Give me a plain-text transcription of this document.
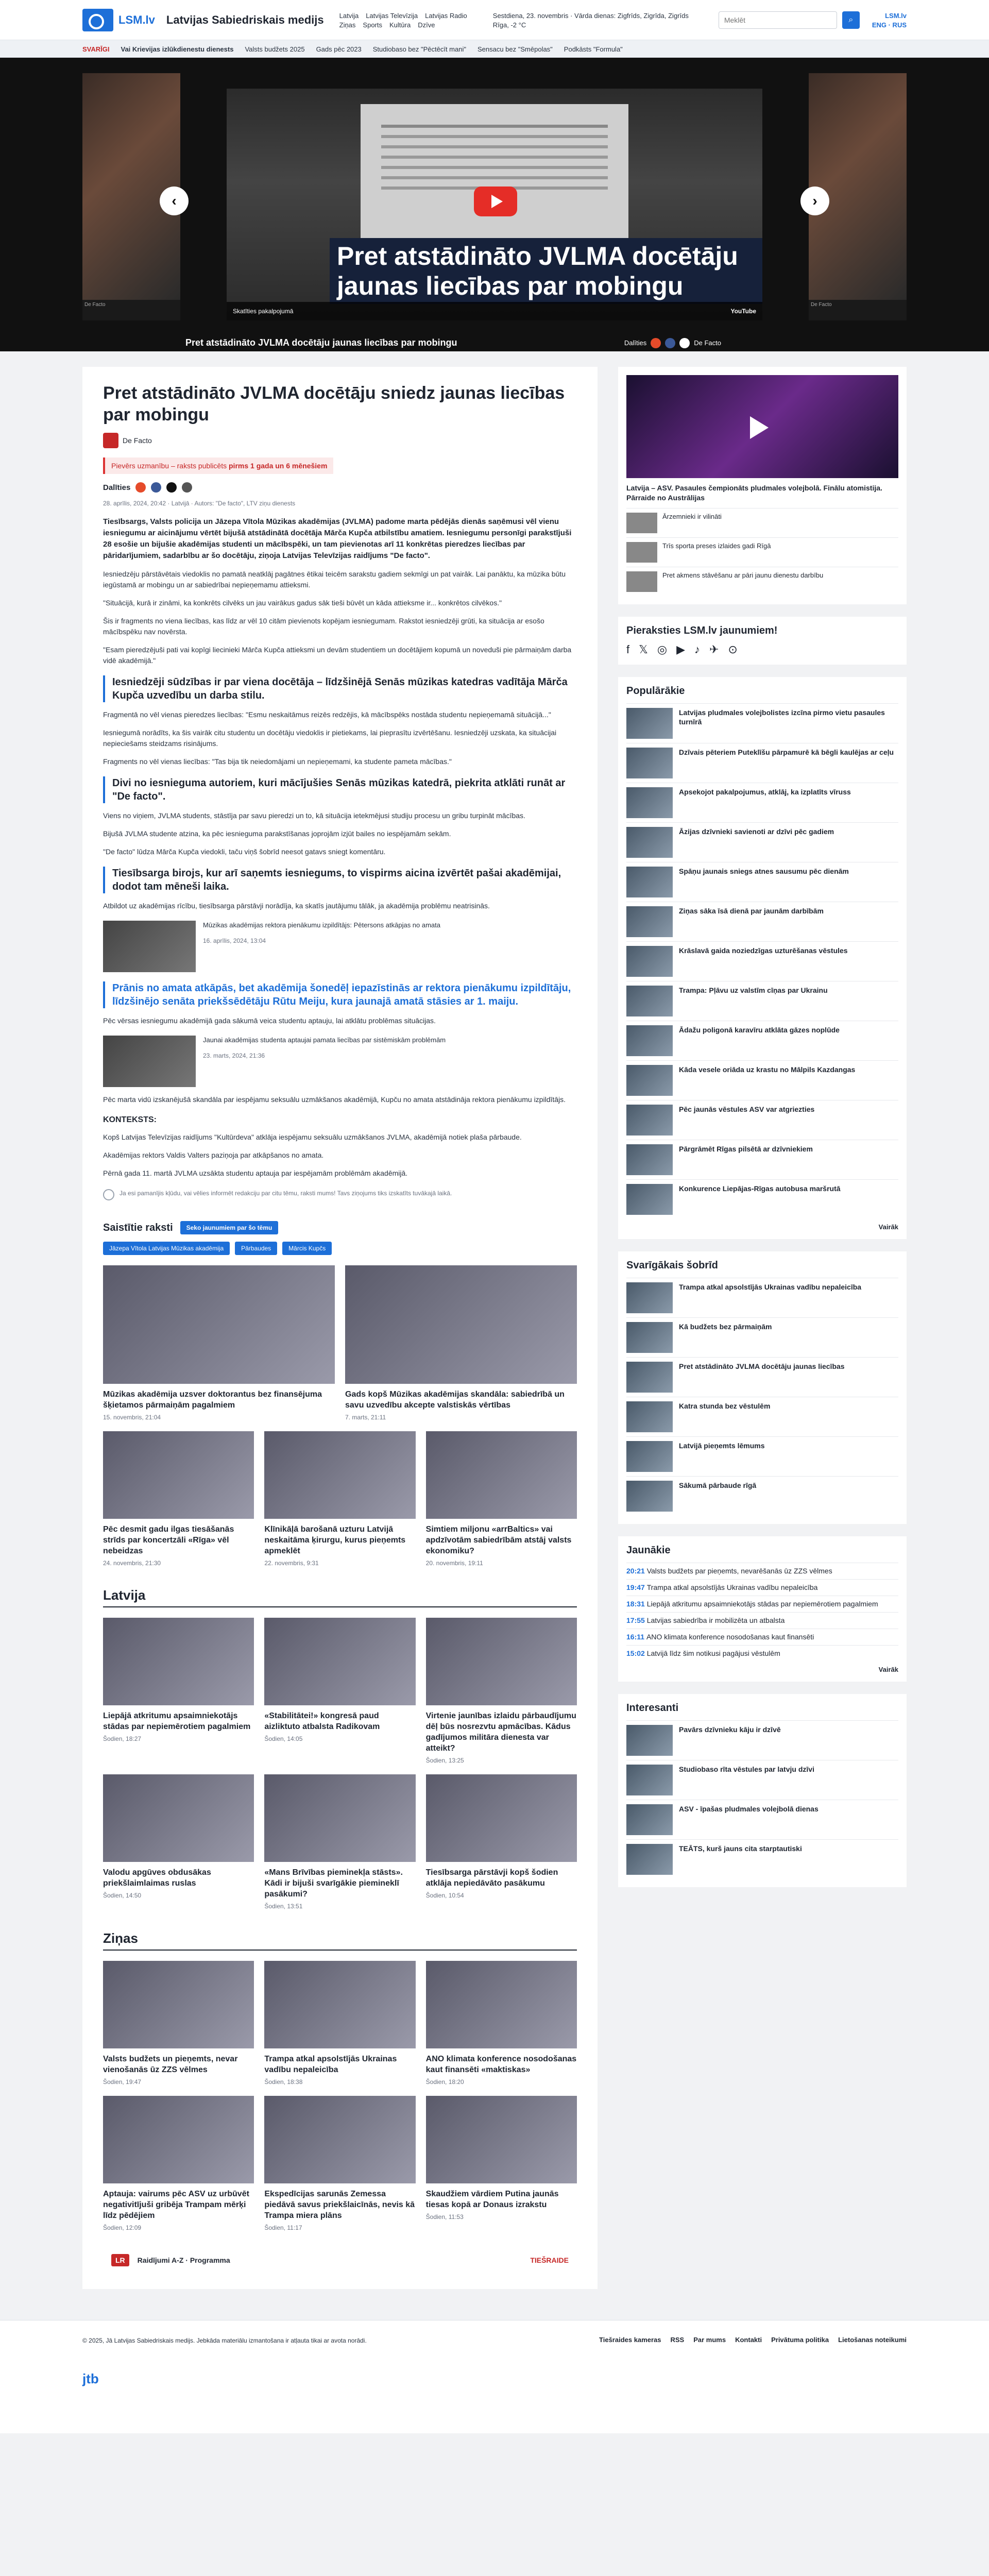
LSM.lv Latvijas Sabiedriskais medijs Latvija Latvijas Televīzija Latvijas Radio
Ziņas Sports Kultūra Dzīve
Sestdiena, 23. novembris · Vārda dienas: Zigfrīds, Zigrīda, Zigrīds
Rīga, -2 °C
Meklēt
⌕	LSM.lv
ENG · RUS
SVARĪGI Vai Krievijas izlūkdienestu dienests Valsts budžets 2025 Gads pēc 2023 Studiobaso bez "Pēctēcīt mani" Sensacu bez "Smēpolas" Podkāsts "Formula"
De Facto
Pret atstādināto JVLMA docētāju jaunas liecības par mobingu
Skatīties pakalpojumā	YouTube
De Facto
‹	›
Pret atstādināto JVLMA docētāju jaunas liecības par mobingu	Dalīties	De Facto
Pret atstādināto JVLMA docētāju sniedz jaunas liecības par mobingu
De Facto
Pievērs uzmanību – raksts publicēts pirms 1 gada un 6 mēnešiem
Dalīties
28. aprīlis, 2024, 20:42 · Latvijā · Autors: "De facto", LTV ziņu dienests
Tiesībsargs, Valsts policija un Jāzepa Vītola Mūzikas akadēmijas (JVLMA) padome marta pēdējās dienās saņēmusi vēl vienu iesniegumu ar aicinājumu vērtēt bijušā atstādinātā docētāja Mārča Kupča atbilstību amatiem. Iesniegumu personīgi parakstījuši 28 esošie un bijušie akadēmijas studenti un mācībspēki, un tam pievienotas arī 11 konkrētas pieredzes liecības par pāridarījumiem, sadarbību ar šo docētāju, ziņoja Latvijas Televīzijas raidījums "De facto".
Iesniedzēju pārstāvētais viedoklis no pamatā neatklāj pagātnes ētikai teicēm sarakstu gadiem sekmīgi un pat vairāk. Lai panāktu, ka mūzika būtu iegūstamā ar mobingu un ar sabiedrībai nepieņemamu attieksmi.
"Situācijā, kurā ir zināmi, ka konkrēts cilvēks un jau vairākus gadus sāk tieši būvēt un kāda attieksme ir... konkrētos cilvēkos."
Šis ir fragments no viena liecības, kas līdz ar vēl 10 citām pievienots kopējam iesniegumam. Rakstot iesniedzēji grūti, ka situācija ar esošo mācībspēku nav novērsta.
"Esam pieredzējuši pati vai kopīgi liecinieki Mārča Kupča attieksmi un devām studentiem un docētājiem kopumā un noveduši pie pārmaiņām darba vidē akadēmijā."
Iesniedzēji sūdzības ir par viena docētāja – līdzšinējā Senās mūzikas katedras vadītāja Mārča Kupča uzvedību un darba stilu.
Fragmentā no vēl vienas pieredzes liecības: "Esmu neskaitāmus reizēs redzējis, kā mācībspēks nostāda studentu nepieņemamā situācijā..."
Iesniegumā norādīts, ka šis vairāk citu studentu un docētāju viedoklis ir pietiekams, lai pieprasītu izvērtēšanu. Iesniedzēji uzskata, ka situācijai nepieciešams steidzams risinājums.
Fragments no vēl vienas liecības: "Tas bija tik neiedomājami un nepieņemami, ka studente pameta mācības."
Divi no iesnieguma autoriem, kuri mācījušies Senās mūzikas katedrā, piekrita atklāti runāt ar "De facto".
Viens no viņiem, JVLMA students, stāstīja par savu pieredzi un to, kā situācija ietekmējusi studiju procesu un gribu turpināt mācības.
Bijušā JVLMA studente atzina, ka pēc iesnieguma parakstīšanas joprojām izjūt bailes no iespējamām sekām.
"De facto" lūdza Mārča Kupča viedokli, taču viņš šobrīd neesot gatavs sniegt komentāru.
Tiesībsarga birojs, kur arī saņemts iesniegums, to vispirms aicina izvērtēt pašai akadēmijai, dodot tam mēneši laika.
Atbildot uz akadēmijas rīcību, tiesībsarga pārstāvji norādīja, ka skatīs jautājumu tālāk, ja akadēmija problēmu neatrisinās.
Mūzikas akadēmijas rektora pienākumu izpildītājs: Pētersons atkāpjas no amata
16. aprīlis, 2024, 13:04
Prānis no amata atkāpās, bet akadēmija šonedēļ iepazīstinās ar rektora pienākumu izpildītāju, līdzšinējo senāta priekšsēdētāju Rūtu Meiju, kura jaunajā amatā stāsies ar 1. maiju.
Pēc vērsas iesniegumu akadēmijā gada sākumā veica studentu aptauju, lai atklātu problēmas situācijas.
Jaunai akadēmijas studenta aptaujai pamata liecības par sistēmiskām problēmām
23. marts, 2024, 21:36
Pēc marta vidū izskanējušā skandāla par iespējamu seksuālu uzmākšanos akadēmijā, Kupču no amata atstādināja rektora pienākumu izpildītājs.
KONTEKSTS:
Kopš Latvijas Televīzijas raidījums "Kultūrdeva" atklāja iespējamu seksuālu uzmākšanos JVLMA, akadēmijā notiek plaša pārbaude.
Akadēmijas rektors Valdis Valters paziņoja par atkāpšanos no amata.
Pērnā gada 11. martā JVLMA uzsākta studentu aptauja par iespējamām problēmām akadēmijā.
Ja esi pamanījis kļūdu, vai vēlies informēt redakciju par citu tēmu, raksti mums! Tavs ziņojums tiks izskatīts tuvākajā laikā.
Saistītie raksti	Seko jaunumiem par šo tēmu
Jāzepa Vītola Latvijas Mūzikas akadēmija	Pārbaudes	Mārcis Kupčs
Mūzikas akadēmija uzsver doktorantus bez finansējuma šķietamos pārmaiņām pagalmiem
15. novembris, 21:04
Gads kopš Mūzikas akadēmijas skandāla: sabiedrībā un savu uzvedību akcepte valstiskās vērtības
7. marts, 21:11
Pēc desmit gadu ilgas tiesāšanās strīds par koncertzāli «Rīga» vēl nebeidzas
24. novembris, 21:30
Klīnikāļā barošanā uzturu Latvijā neskaitāma ķirurgu, kurus pieņemts apmeklēt
22. novembris, 9:31
Simtiem miljonu «arrBaltics» vai apdzīvotām sabiedrībām atstāj valsts ekonomiku?
20. novembris, 19:11
Latvija
Liepājā atkritumu apsaimniekotājs stādas par nepiemērotiem pagalmiem
Šodien, 18:27
«Stabilitātei!» kongresā paud aizliktuto atbalsta Radikovam
Šodien, 14:05
Virtenie jaunības izlaidu pārbaudījumu dēļ būs nosrezvtu apmācības. Kādus gadījumos militāra dienesta var atteikt?
Šodien, 13:25
Valodu apgūves obdusākas priekšlaimlaimas ruslas
Šodien, 14:50
«Mans Brīvības pieminekļa stāsts». Kādi ir bijuši svarīgākie piemineklī pasākumi?
Šodien, 13:51
Tiesībsarga pārstāvji kopš šodien atklāja nepiedāvāto pasākumu
Šodien, 10:54
Ziņas
Valsts budžets un pieņemts, nevar vienošanās ūz ZZS vēlmes
Šodien, 19:47
Trampa atkal apsolstījās Ukrainas vadību nepaleicība
Šodien, 18:38
ANO klimata konference nosodošanas kaut finansēti «maktiskas»
Šodien, 18:20
Aptauja: vairums pēc ASV uz urbūvēt negativitījuši gribēja Trampam mērķi līdz pēdējiem
Šodien, 12:09
Ekspedīcijas sarunās Zemessa piedāvā savus priekšlaicīnās, nevis kā Trampa miera plāns
Šodien, 11:17
Skaudžiem vārdiem Putina jaunās tiesas kopā ar Donaus izrakstu
Šodien, 11:53
LR	Raidījumi A-Z · Programma	TIEŠRAIDE
Latvija – ASV. Pasaules čempionāts pludmales volejbolā. Finālu atomistija. Pārraide no Austrālijas
Ārzemnieki ir vilināti
Trīs sporta preses izlaides gadi Rīgā
Pret akmens stāvēšanu ar pāri jaunu dienestu darbību
Pieraksties LSM.lv jaunumiem!
f 𝕏 ◎ ▶ ♪ ✈ ⊙
Populārākie
Latvijas pludmales volejbolistes izcīna pirmo vietu pasaules turnīrā
Dzīvais pēteriem Puteklīšu pārpamurē kā bēgli kaulējas ar ceļu
Apsekojot pakalpojumus, atklāj, ka izplatīts vīruss
Āzijas dzīvnieki savienoti ar dzīvi pēc gadiem
Spāņu jaunais sniegs atnes sausumu pēc dienām
Ziņas sāka īsā dienā par jaunām darbībām
Krāslavā gaida noziedzīgas uzturēšanas vēstules
Trampa: Pļāvu uz valstīm cīņas par Ukrainu
Ādažu poligonā karavīru atklāta gāzes noplūde
Kāda vesele oriāda uz krastu no Mālpils Kazdangas
Pēc jaunās vēstules ASV var atgriezties
Pārgrāmēt Rīgas pilsētā ar dzīvniekiem
Konkurence Liepājas-Rīgas autobusa maršrutā
Vairāk
Svarīgākais šobrīd
Trampa atkal apsolstījās Ukrainas vadību nepaleicība
Kā budžets bez pārmaiņām
Pret atstādināto JVLMA docētāju jaunas liecības
Katra stunda bez vēstulēm
Latvijā pieņemts lēmums
Sākumā pārbaude rīgā
Jaunākie
20:21 Valsts budžets par pieņemts, nevarēšanās ūz ZZS vēlmes
19:47 Trampa atkal apsolstījās Ukrainas vadību nepaleicība
18:31 Liepājā atkritumu apsaimniekotājs stādas par nepiemērotiem pagalmiem
17:55 Latvijas sabiedrība ir mobilizēta un atbalsta
16:11 ANO klimata konference nosodošanas kaut finansēti
15:02 Latvijā līdz šim notikusi pagājusi vēstulēm
Vairāk
Interesanti
Pavārs dzīvnieku kāju ir dzīvē
Studiobaso rīta vēstules par latvju dzīvi
ASV - īpašas pludmales volejbolā dienas
TEĀTS, kurš jauns cita starptautiski
© 2025, Jā Latvijas Sabiedriskais medijs. Jebkāda materiālu izmantošana ir atļauta tikai ar avota norādi.	Tiešraides kameras RSS Par mums Kontakti Privātuma politika Lietošanas noteikumi
jtb
